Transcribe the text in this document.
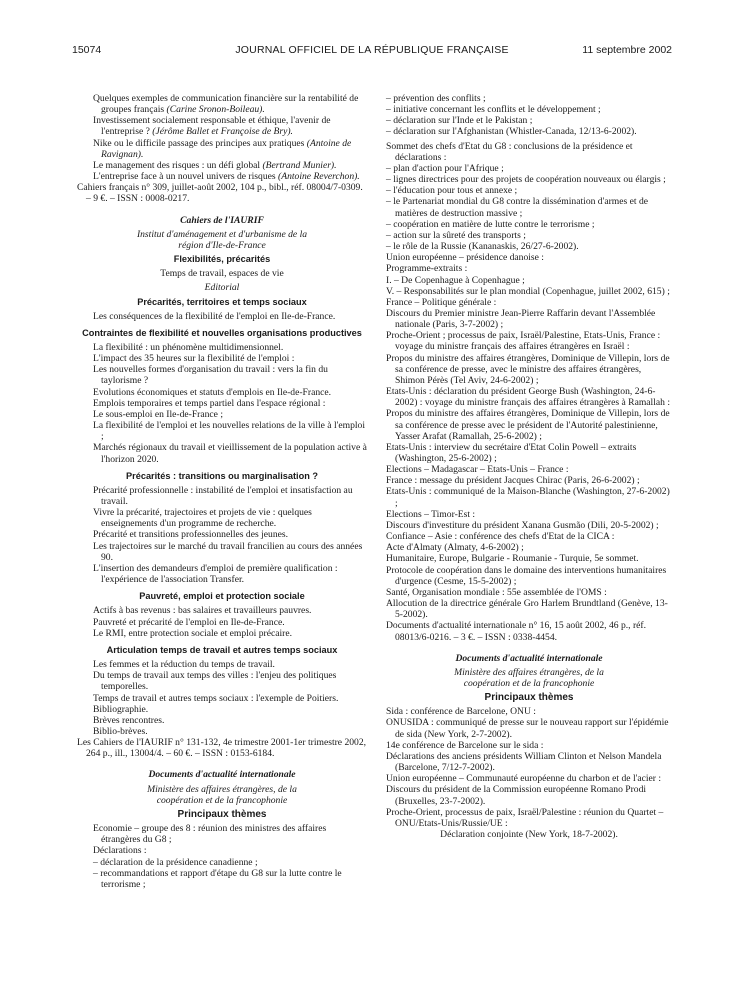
15074	JOURNAL OFFICIEL DE LA RÉPUBLIQUE FRANÇAISE	11 septembre 2002
Quelques exemples de communication financière sur la rentabilité de groupes français (Carine Sronon-Boileau).
Investissement socialement responsable et éthique, l'avenir de l'entreprise ? (Jérôme Ballet et Françoise de Bry).
Nike ou le difficile passage des principes aux pratiques (Antoine de Ravignan).
Le management des risques : un défi global (Bertrand Munier).
L'entreprise face à un nouvel univers de risques (Antoine Reverchon).
Cahiers français n° 309, juillet-août 2002, 104 p., bibl., réf. 08004/7-0309. – 9 €. – ISSN : 0008-0217.
Cahiers de l'IAURIF
Institut d'aménagement et d'urbanisme de la région d'Ile-de-France
Flexibilités, précarités
Temps de travail, espaces de vie
Editorial
Précarités, territoires et temps sociaux
Les conséquences de la flexibilité de l'emploi en Ile-de-France.
Contraintes de flexibilité et nouvelles organisations productives
La flexibilité : un phénomène multidimensionnel.
L'impact des 35 heures sur la flexibilité de l'emploi :
Les nouvelles formes d'organisation du travail : vers la fin du taylorisme ?
Evolutions économiques et statuts d'emplois en Ile-de-France.
Emplois temporaires et temps partiel dans l'espace régional :
Le sous-emploi en Ile-de-France ;
La flexibilité de l'emploi et les nouvelles relations de la ville à l'emploi ;
Marchés régionaux du travail et vieillissement de la population active à l'horizon 2020.
Précarités : transitions ou marginalisation ?
Précarité professionnelle : instabilité de l'emploi et insatisfaction au travail.
Vivre la précarité, trajectoires et projets de vie : quelques enseignements d'un programme de recherche.
Précarité et transitions professionnelles des jeunes.
Les trajectoires sur le marché du travail francilien au cours des années 90.
L'insertion des demandeurs d'emploi de première qualification : l'expérience de l'association Transfer.
Pauvreté, emploi et protection sociale
Actifs à bas revenus : bas salaires et travailleurs pauvres.
Pauvreté et précarité de l'emploi en Ile-de-France.
Le RMI, entre protection sociale et emploi précaire.
Articulation temps de travail et autres temps sociaux
Les femmes et la réduction du temps de travail.
Du temps de travail aux temps des villes : l'enjeu des politiques temporelles.
Temps de travail et autres temps sociaux : l'exemple de Poitiers.
Bibliographie.
Brèves rencontres.
Biblio-brèves.
Les Cahiers de l'IAURIF n° 131-132, 4e trimestre 2001-1er trimestre 2002, 264 p., ill., 13004/4. – 60 €. – ISSN : 0153-6184.
Documents d'actualité internationale
Ministère des affaires étrangères, de la coopération et de la francophonie
Principaux thèmes
Economie – groupe des 8 : réunion des ministres des affaires étrangères du G8 ;
Déclarations :
– déclaration de la présidence canadienne ;
– recommandations et rapport d'étape du G8 sur la lutte contre le terrorisme ;
– prévention des conflits ;
– initiative concernant les conflits et le développement ;
– déclaration sur l'Inde et le Pakistan ;
– déclaration sur l'Afghanistan (Whistler-Canada, 12/13-6-2002).
Sommet des chefs d'Etat du G8 : conclusions de la présidence et déclarations :
– plan d'action pour l'Afrique ;
– lignes directrices pour des projets de coopération nouveaux ou élargis ;
– l'éducation pour tous et annexe ;
– le Partenariat mondial du G8 contre la dissémination d'armes et de matières de destruction massive ;
– coopération en matière de lutte contre le terrorisme ;
– action sur la sûreté des transports ;
– le rôle de la Russie (Kananaskis, 26/27-6-2002).
Union européenne – présidence danoise :
Programme-extraits :
I. – De Copenhague à Copenhague ;
V. – Responsabilités sur le plan mondial (Copenhague, juillet 2002, 615) ;
France – Politique générale :
Discours du Premier ministre Jean-Pierre Raffarin devant l'Assemblée nationale (Paris, 3-7-2002) ;
Proche-Orient ; processus de paix, Israël/Palestine, Etats-Unis, France : voyage du ministre français des affaires étrangères en Israël :
Propos du ministre des affaires étrangères, Dominique de Villepin, lors de sa conférence de presse, avec le ministre des affaires étrangères, Shimon Pérès (Tel Aviv, 24-6-2002) ;
Etats-Unis : déclaration du président George Bush (Washington, 24-6-2002) : voyage du ministre français des affaires étrangères à Ramallah :
Propos du ministre des affaires étrangères, Dominique de Villepin, lors de sa conférence de presse avec le président de l'Autorité palestinienne, Yasser Arafat (Ramallah, 25-6-2002) ;
Etats-Unis : interview du secrétaire d'Etat Colin Powell – extraits (Washington, 25-6-2002) ;
Elections – Madagascar – Etats-Unis – France :
France : message du président Jacques Chirac (Paris, 26-6-2002) ;
Etats-Unis : communiqué de la Maison-Blanche (Washington, 27-6-2002) ;
Elections – Timor-Est :
Discours d'investiture du président Xanana Gusmão (Dili, 20-5-2002) ;
Confiance – Asie : conférence des chefs d'Etat de la CICA :
Acte d'Almaty (Almaty, 4-6-2002) ;
Humanitaire, Europe, Bulgarie - Roumanie - Turquie, 5e sommet.
Protocole de coopération dans le domaine des interventions humanitaires d'urgence (Cesme, 15-5-2002) ;
Santé, Organisation mondiale : 55e assemblée de l'OMS :
Allocution de la directrice générale Gro Harlem Brundtland (Genève, 13-5-2002).
Documents d'actualité internationale n° 16, 15 août 2002, 46 p., réf. 08013/6-0216. – 3 €. – ISSN : 0338-4454.
Documents d'actualité internationale
Ministère des affaires étrangères, de la coopération et de la francophonie
Principaux thèmes
Sida : conférence de Barcelone, ONU :
ONUSIDA : communiqué de presse sur le nouveau rapport sur l'épidémie de sida (New York, 2-7-2002).
14e conférence de Barcelone sur le sida :
Déclarations des anciens présidents William Clinton et Nelson Mandela (Barcelone, 7/12-7-2002).
Union européenne – Communauté européenne du charbon et de l'acier :
Discours du président de la Commission européenne Romano Prodi (Bruxelles, 23-7-2002).
Proche-Orient, processus de paix, Israël/Palestine : réunion du Quartet – ONU/Etats-Unis/Russie/UE :
Déclaration conjointe (New York, 18-7-2002).
